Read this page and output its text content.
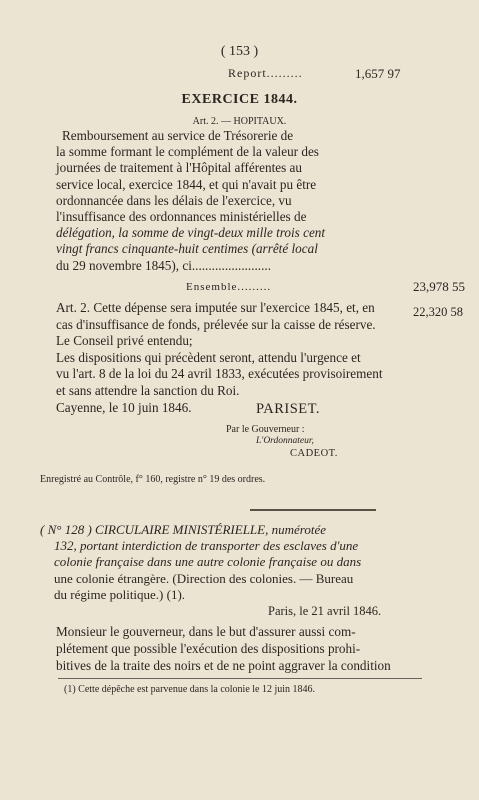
( 153 )
Report.........	1,657 97
EXERCICE 1844.
Art. 2. — HOPITAUX.
Remboursement au service de Trésorerie de
la somme formant le complément de la valeur des
journées de traitement à l'Hôpital afférentes au
service local, exercice 1844, et qui n'avait pu être
ordonnancée dans les délais de l'exercice, vu
l'insuffisance des ordonnances ministérielles de
délégation, la somme de vingt-deux mille trois cent
vingt francs cinquante-huit centimes (arrêté local
du 29 novembre 1845), ci........................
22,320 58
Ensemble.........	23,978 55
Art. 2. Cette dépense sera imputée sur l'exercice 1845, et, en
cas d'insuffisance de fonds, prélevée sur la caisse de réserve.
Le Conseil privé entendu;
Les dispositions qui précèdent seront, attendu l'urgence et
vu l'art. 8 de la loi du 24 avril 1833, exécutées provisoirement
et sans attendre la sanction du Roi.
Cayenne, le 10 juin 1846.	PARISET.
Par le Gouverneur :
L'Ordonnateur,
CADEOT.
Enregistré au Contrôle, f° 160, registre n° 19 des ordres.
( N° 128 ) CIRCULAIRE MINISTÉRIELLE, numérotée
132, portant interdiction de transporter des esclaves d'une
colonie française dans une autre colonie française ou dans
une colonie étrangère. (Direction des colonies. — Bureau
du régime politique.) (1).
Paris, le 21 avril 1846.
Monsieur le gouverneur, dans le but d'assurer aussi com-
plétement que possible l'exécution des dispositions prohi-
bitives de la traite des noirs et de ne point aggraver la condition
(1) Cette dépêche est parvenue dans la colonie le 12 juin 1846.
